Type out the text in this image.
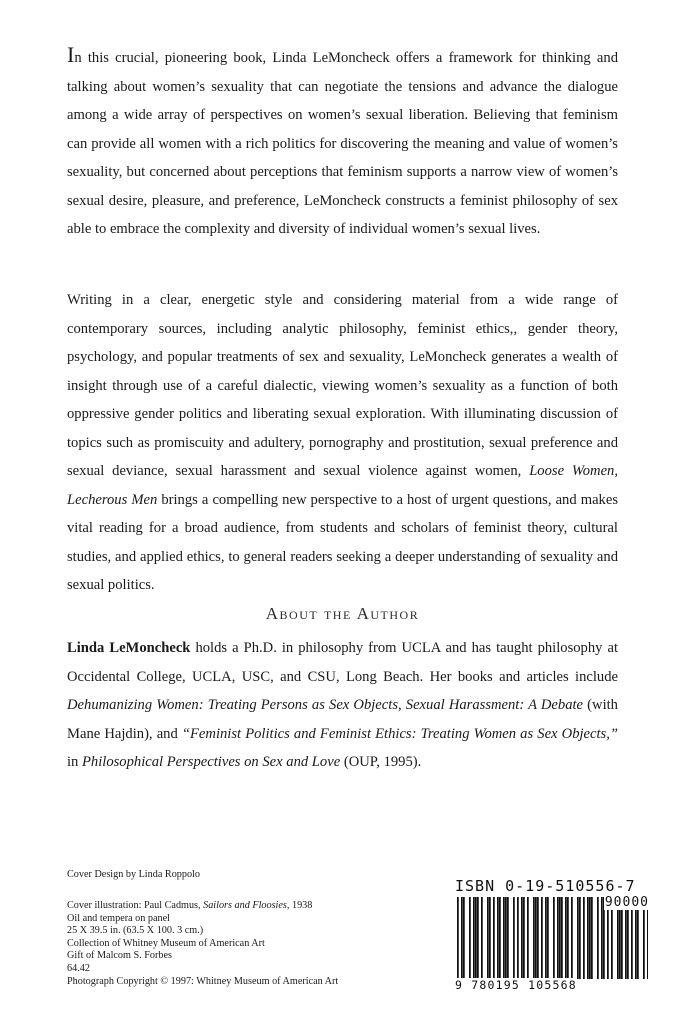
In this crucial, pioneering book, Linda LeMoncheck offers a framework for thinking and talking about women’s sexuality that can negotiate the tensions and advance the dialogue among a wide array of perspectives on women’s sexual liberation. Believing that feminism can provide all women with a rich politics for discovering the meaning and value of women’s sexuality, but concerned about perceptions that feminism supports a narrow view of women’s sexual desire, pleasure, and preference, LeMoncheck constructs a feminist philosophy of sex able to embrace the complexity and diversity of individual women’s sexual lives.

Writing in a clear, energetic style and considering material from a wide range of contemporary sources, including analytic philosophy, feminist ethics,, gender theory, psychology, and popular treatments of sex and sexuality, LeMoncheck generates a wealth of insight through use of a careful dialectic, viewing women’s sexuality as a function of both oppressive gender politics and liberating sexual exploration. With illuminating discussion of topics such as promiscuity and adultery, pornography and prostitution, sexual preference and sexual deviance, sexual harassment and sexual violence against women, Loose Women, Lecherous Men brings a compelling new perspective to a host of urgent questions, and makes vital reading for a broad audience, from students and scholars of feminist theory, cultural studies, and applied ethics, to general readers seeking a deeper understanding of sexuality and sexual politics.

About the Author

Linda LeMoncheck holds a Ph.D. in philosophy from UCLA and has taught philosophy at Occidental College, UCLA, USC, and CSU, Long Beach. Her books and articles include Dehumanizing Women: Treating Persons as Sex Objects, Sexual Harassment: A Debate (with Mane Hajdin), and “Feminist Politics and Feminist Ethics: Treating Women as Sex Objects,” in Philosophical Perspectives on Sex and Love (OUP, 1995).

Cover Design by Linda Roppolo
Cover illustration: Paul Cadmus, Sailors and Floosies, 1938
Oil and tempera on panel
25 X 39.5 in. (63.5 X 100. 3 cm.)
Collection of Whitney Museum of American Art
Gift of Malcom S. Forbes
64.42
Photograph Copyright © 1997: Whitney Museum of American Art
ISBN 0-19-510556-7
90000
9 780195 105568
